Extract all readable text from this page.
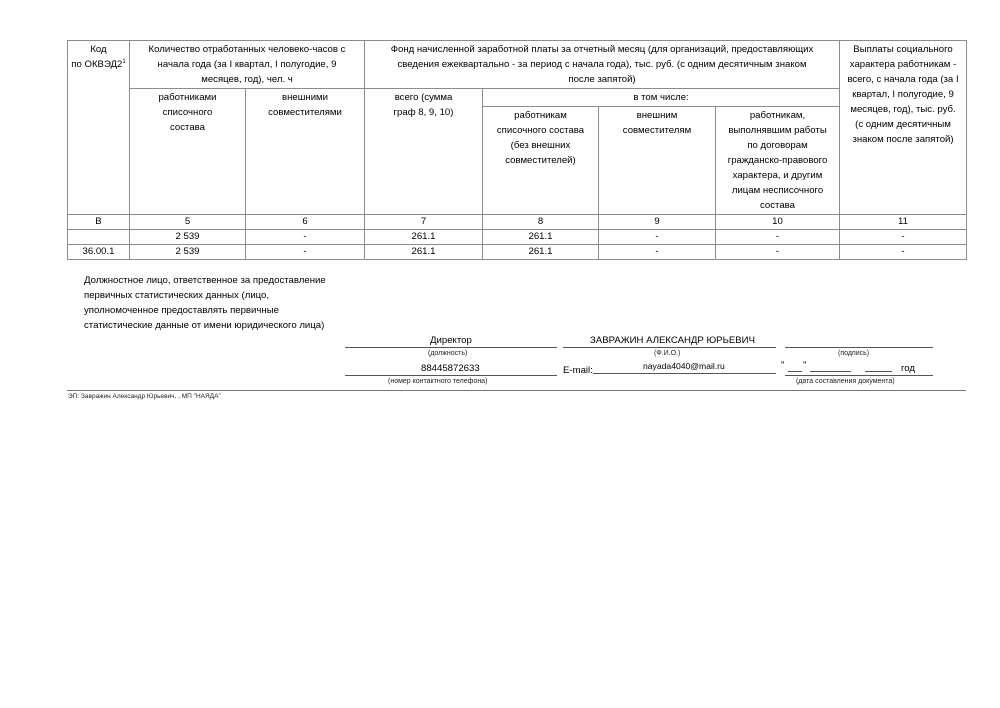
Код
по $ОКВЭД2^1$	Количество отработанных человеко-часов с начала года (за I квартал, I полугодие, 9 месяцев, год), чел. ч		Фонд начисленной заработной платы за отчетный месяц (для организаций, предоставляющих сведения ежеквартально - за период с начала года), тыс. руб. (с одним десятичным знаком после запятой)				Выплаты социального характера работникам - всего, с начала года (за I квартал, I полугодие, 9 месяцев, год), тыс. руб. (с одним десятичным знаком после запятой)
	работниками списочного состава	внешними совместителями	всего (сумма граф 8, 9, 10)	в том числе:			
				работникам списочного состава (без внешних совместителей)	внешним совместителям	работникам, выполнявшим работы по договорам гражданско-правового характера, и другим лицам несписочного состава	
В	5	6	7	8	9	10	11
	2 539	-	261.1	261.1	-	-	-
36.00.1	2 539	-	261.1	261.1	-	-	-
Должностное лицо, ответственное за предоставление первичных статистических данных (лицо, уполномоченное предоставлять первичные статистические данные от имени юридического лица)
Директор
(должность)
ЗАВРАЖИН АЛЕКСАНДР ЮРЬЕВИЧ
(Ф.И.О.)	(подпись)
88445872633
(номер контактного телефона)
E-mail:	nayada4040@mail.ru	" "	год
(дата составления документа)
ЭП: Завражин Александр Юрьевич, , МП "НАЯДА"
